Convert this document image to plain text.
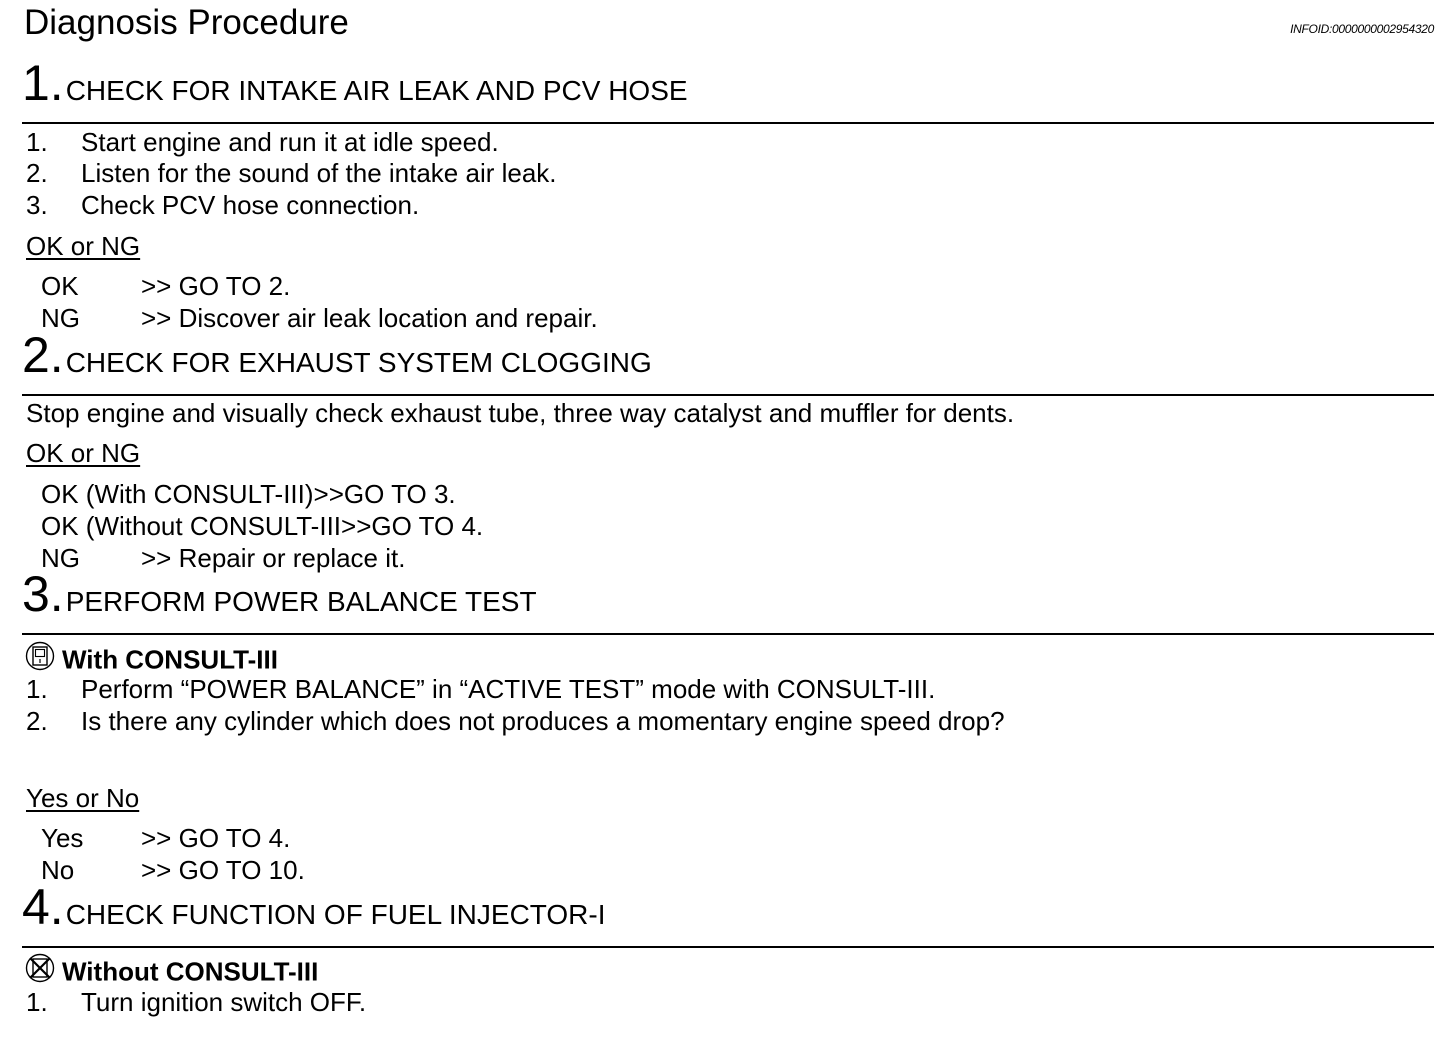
Diagnosis Procedure	INFOID:0000000002954320
1.CHECK FOR INTAKE AIR LEAK AND PCV HOSE
1. Start engine and run it at idle speed.
2. Listen for the sound of the intake air leak.
3. Check PCV hose connection.
OK or NG
OK >> GO TO 2.
NG >> Discover air leak location and repair.
2.CHECK FOR EXHAUST SYSTEM CLOGGING
Stop engine and visually check exhaust tube, three way catalyst and muffler for dents.
OK or NG
OK (With CONSULT-III)>>GO TO 3.
OK (Without CONSULT-III>>GO TO 4.
NG >> Repair or replace it.
3.PERFORM POWER BALANCE TEST
With CONSULT-III
1. Perform “POWER BALANCE” in “ACTIVE TEST” mode with CONSULT-III.
2. Is there any cylinder which does not produces a momentary engine speed drop?
Yes or No
Yes >> GO TO 4.
No	>> GO TO 10.
4.CHECK FUNCTION OF FUEL INJECTOR-I
Without CONSULT-III
1. Turn ignition switch OFF.
